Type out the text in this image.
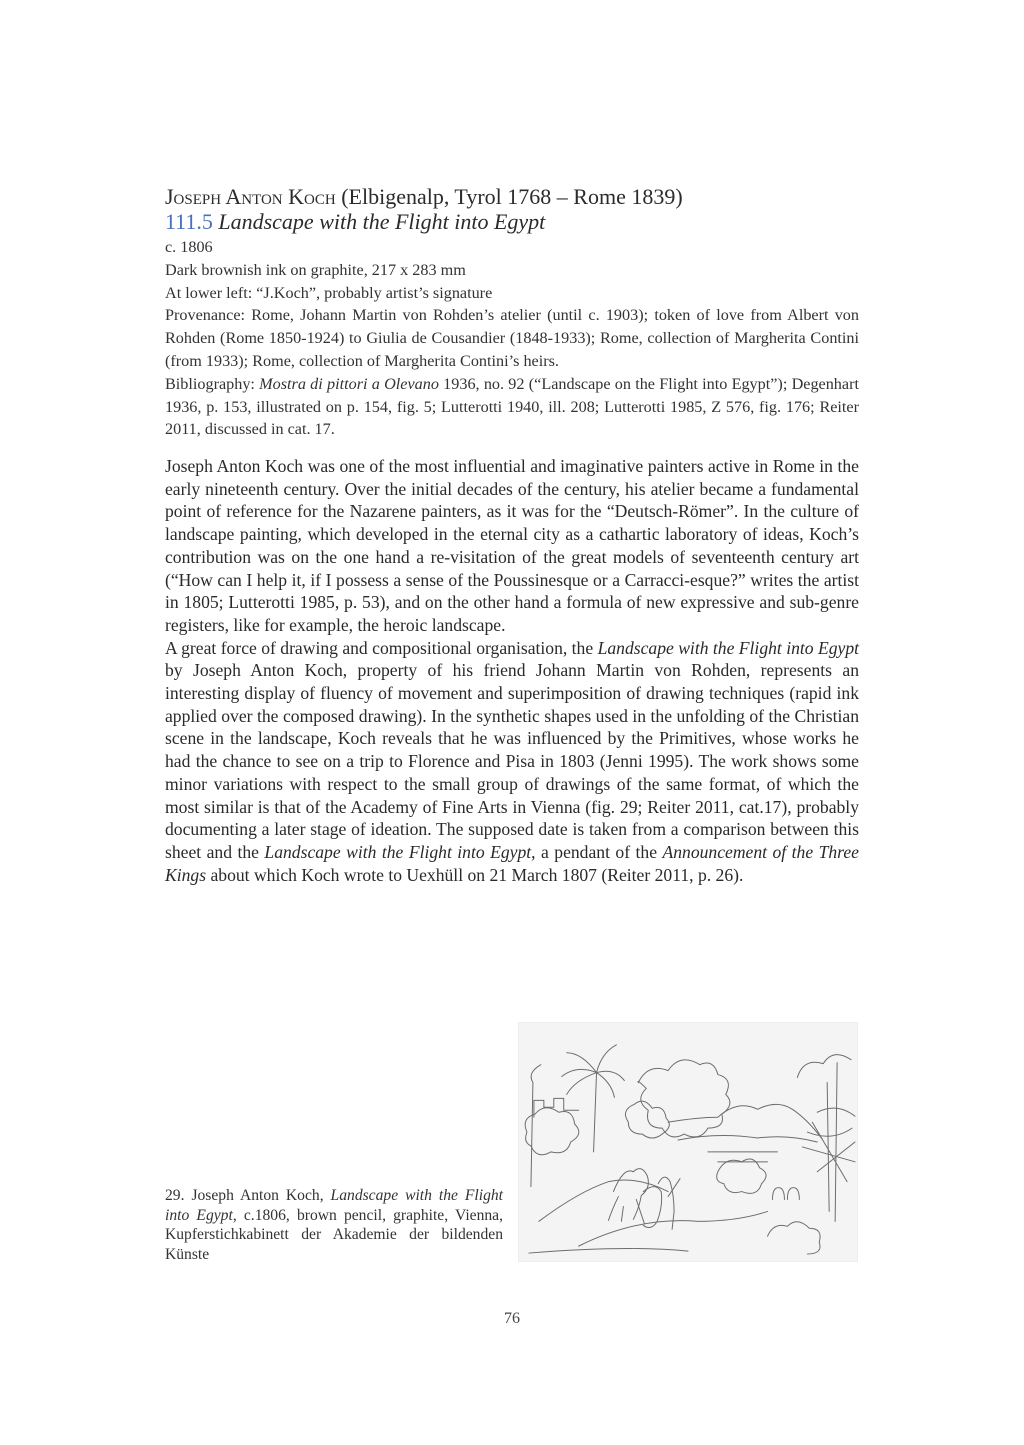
Joseph Anton Koch (Elbigenalp, Tyrol 1768 – Rome 1839)
111.5 Landscape with the Flight into Egypt

c. 1806

Dark brownish ink on graphite, 217 x 283 mm

At lower left: “J.Koch”, probably artist’s signature

Provenance: Rome, Johann Martin von Rohden’s atelier (until c. 1903); token of love from Albert von Rohden (Rome 1850-1924) to Giulia de Cousandier (1848-1933); Rome, collection of Margherita Contini (from 1933); Rome, collection of Margherita Contini’s heirs.

Bibliography: Mostra di pittori a Olevano 1936, no. 92 (“Landscape on the Flight into Egypt”); Degenhart 1936, p. 153, illustrated on p. 154, fig. 5; Lutterotti 1940, ill. 208; Lutterotti 1985, Z 576, fig. 176; Reiter 2011, discussed in cat. 17.

Joseph Anton Koch was one of the most influential and imaginative painters active in Rome in the early nineteenth century. Over the initial decades of the century, his atelier became a fundamental point of reference for the Nazarene painters, as it was for the “Deutsch-Römer”. In the culture of landscape painting, which developed in the eternal city as a cathartic laboratory of ideas, Koch’s contribution was on the one hand a re-visitation of the great models of seventeenth century art (“How can I help it, if I possess a sense of the Poussinesque or a Carracci-esque?” writes the artist in 1805; Lutterotti 1985, p. 53), and on the other hand a formula of new expressive and sub-genre registers, like for example, the heroic landscape.

A great force of drawing and compositional organisation, the Landscape with the Flight into Egypt by Joseph Anton Koch, property of his friend Johann Martin von Rohden, represents an interesting display of fluency of movement and superimposition of drawing techniques (rapid ink applied over the composed drawing). In the synthetic shapes used in the unfolding of the Christian scene in the landscape, Koch reveals that he was influenced by the Primitives, whose works he had the chance to see on a trip to Florence and Pisa in 1803 (Jenni 1995). The work shows some minor variations with respect to the small group of drawings of the same format, of which the most similar is that of the Academy of Fine Arts in Vienna (fig. 29; Reiter 2011, cat.17), probably documenting a later stage of ideation. The supposed date is taken from a comparison between this sheet and the Landscape with the Flight into Egypt, a pendant of the Announcement of the Three Kings about which Koch wrote to Uexhüll on 21 March 1807 (Reiter 2011, p. 26).

29. Joseph Anton Koch, Landscape with the Flight into Egypt, c.1806, brown pencil, graphite, Vienna, Kupferstichkabinett der Akademie der bildenden Künste
76
